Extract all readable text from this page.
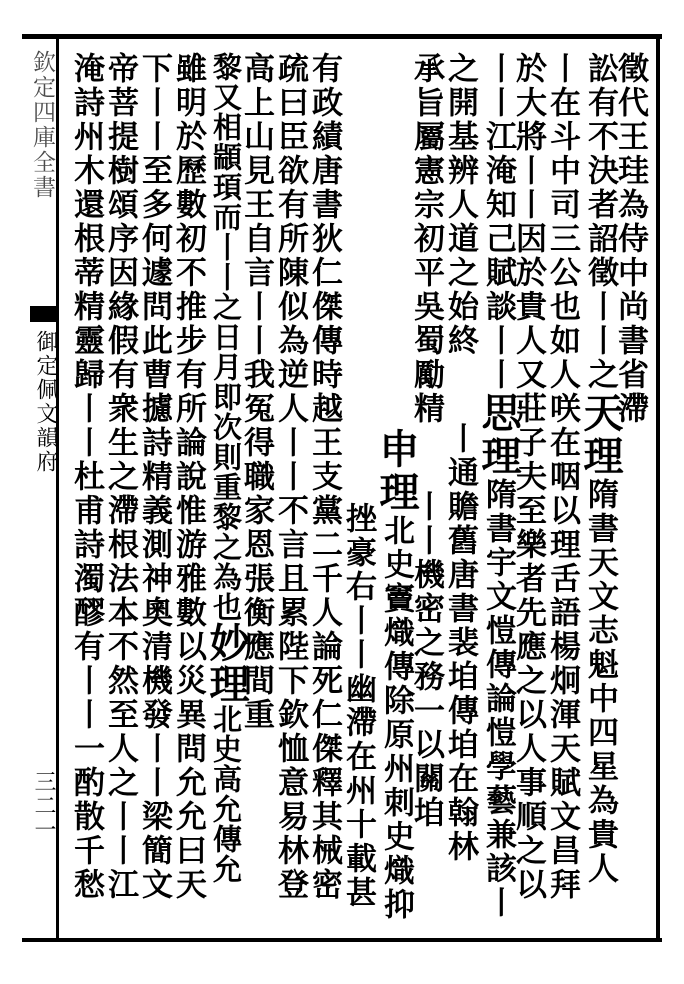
欽定四庫全書
御定佩文韻府
三二一
徵代王珪為侍中尚書省滯
訟有不決者詔徵丨丨之天理隋書天文志魁中四星為貴人
丨在斗中司三公也如人咲在咽以理舌語楊炯渾天賦文昌拜
於大將丨丨因於貴人又莊子夫至樂者先應之以人事順之以
丨丨江淹知己賦談丨丨思理隋書宇文愷傳論愷學藝兼該丨
之開基辨人道之始終丨通贍舊唐書裴垍傳垍在翰林
承旨屬憲宗初平吳蜀勵精丨丨機密之務一以關垍
申理北史竇熾傳除原州刺史熾抑
挫豪右丨丨幽滯在州十載甚
有政績唐書狄仁傑傳時越王支黨二千人論死仁傑釋其械密
疏曰臣欲有所陳似為逆人丨丨不言且累陛下欽恤意易林登
高上山見王自言丨丨我冤得職家恩張衡應間重
黎又相顓頊而丨丨之日月即次則重黎之為也妙理北史高允傳允
雖明於歷數初不推步有所論說惟游雅數以災異問允允曰天
下丨丨至多何遽問此曹攄詩精義測神奧清機發丨丨梁簡文
帝菩提樹頌序因緣假有衆生之滯根法本不然至人之丨丨江
淹詩州木還根蒂精靈歸丨丨杜甫詩濁醪有丨丨一酌散千愁
